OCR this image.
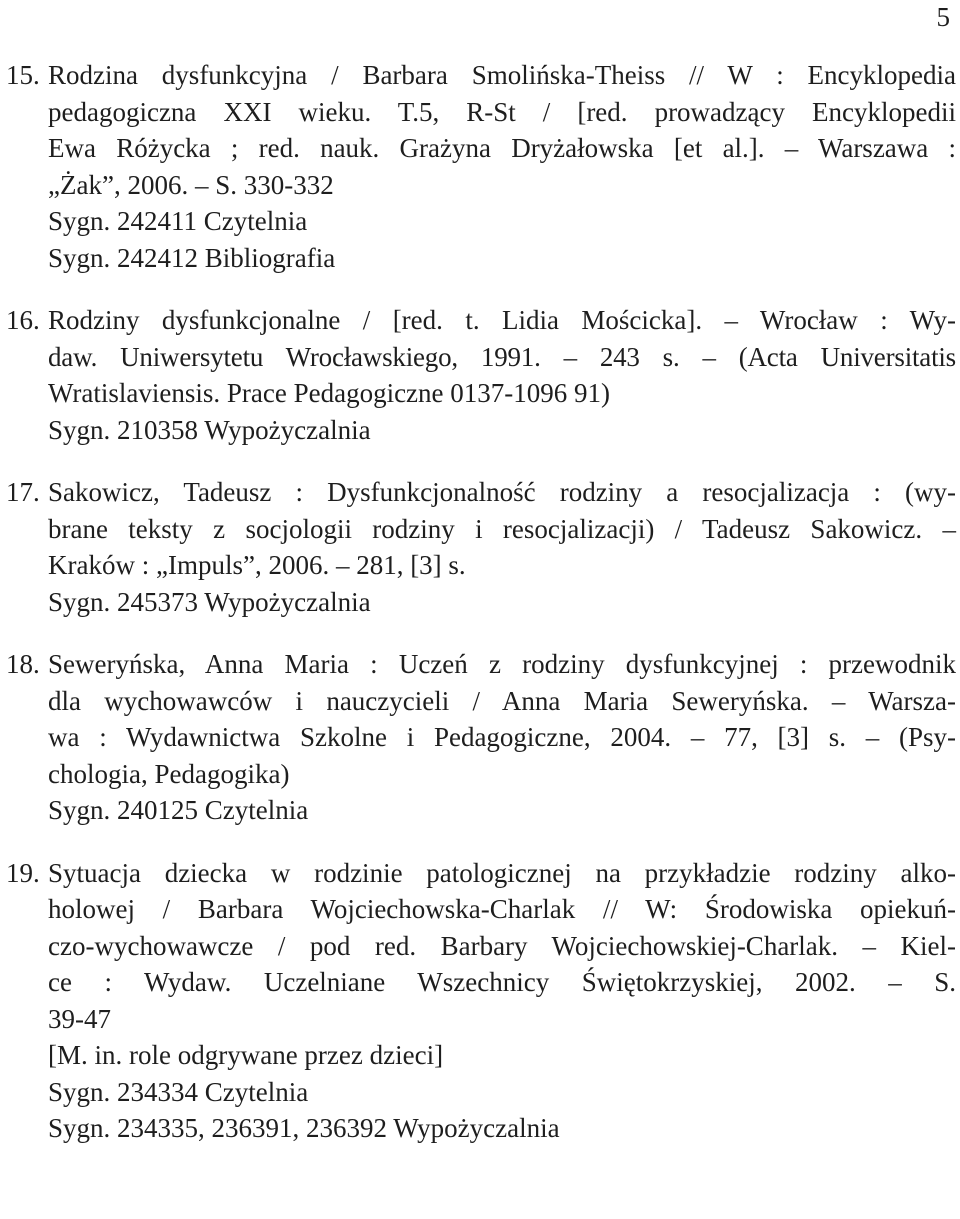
5
15. Rodzina dysfunkcyjna / Barbara Smolińska-Theiss // W : Encyklopedia
pedagogiczna XXI wieku. T.5, R-St / [red. prowadzący Encyklopedii
Ewa Różycka ; red. nauk. Grażyna Dryżałowska [et al.]. – Warszawa :
„Żak”, 2006. – S. 330-332
Sygn. 242411 Czytelnia
Sygn. 242412 Bibliografia
16. Rodziny dysfunkcjonalne / [red. t. Lidia Mościcka]. – Wrocław : Wy-
daw. Uniwersytetu Wrocławskiego, 1991. – 243 s. – (Acta Universitatis
Wratislaviensis. Prace Pedagogiczne 0137-1096 91)
Sygn. 210358 Wypożyczalnia
17. Sakowicz, Tadeusz : Dysfunkcjonalność rodziny a resocjalizacja : (wy-
brane teksty z socjologii rodziny i resocjalizacji) / Tadeusz Sakowicz. –
Kraków : „Impuls”, 2006. – 281, [3] s.
Sygn. 245373 Wypożyczalnia
18. Seweryńska, Anna Maria : Uczeń z rodziny dysfunkcyjnej : przewodnik
dla wychowawców i nauczycieli / Anna Maria Seweryńska. – Warsza-
wa : Wydawnictwa Szkolne i Pedagogiczne, 2004. – 77, [3] s. – (Psy-
chologia, Pedagogika)
Sygn. 240125 Czytelnia
19. Sytuacja dziecka w rodzinie patologicznej na przykładzie rodziny alko-
holowej / Barbara Wojciechowska-Charlak // W: Środowiska opiekuń-
czo-wychowawcze / pod red. Barbary Wojciechowskiej-Charlak. – Kiel-
ce : Wydaw. Uczelniane Wszechnicy Świętokrzyskiej, 2002. – S.
39-47
[M. in. role odgrywane przez dzieci]
Sygn. 234334 Czytelnia
Sygn. 234335, 236391, 236392 Wypożyczalnia
